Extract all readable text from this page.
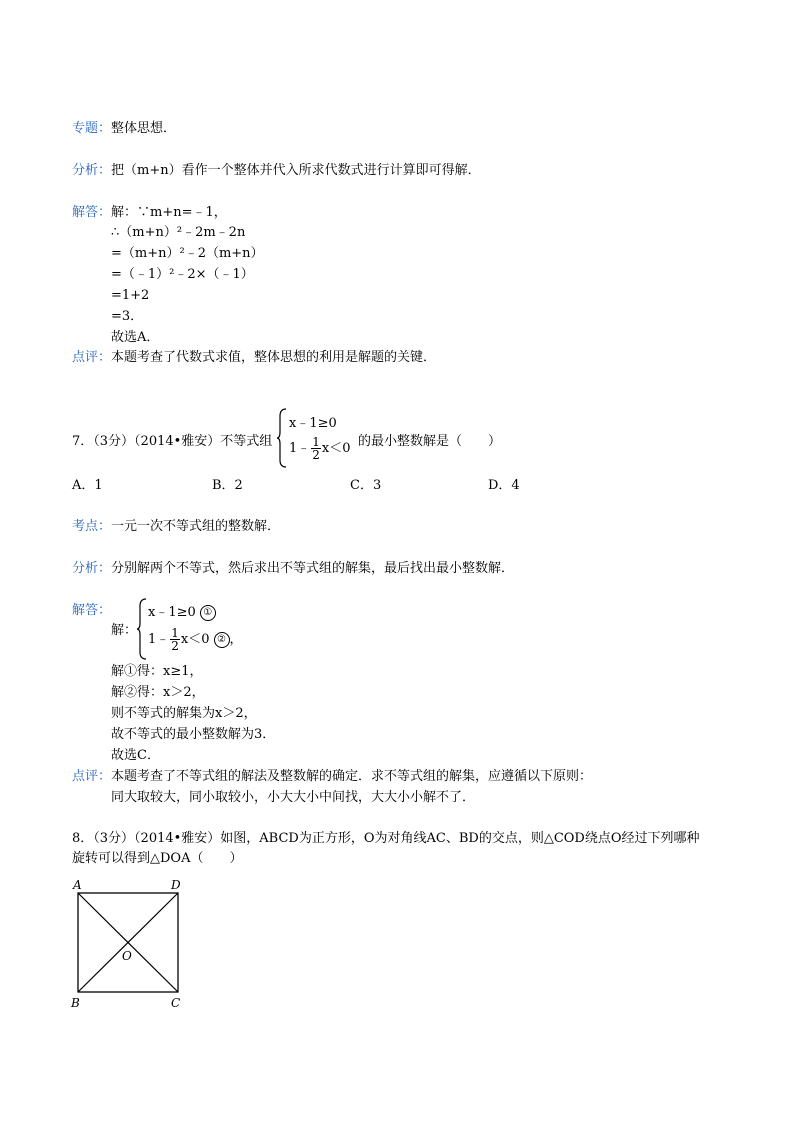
专题：整体思想．
分析：把（m+n）看作一个整体并代入所求代数式进行计算即可得解．
解答： 解：∵m+n=﹣1，
∴（m+n）²﹣2m﹣2n
=（m+n）²﹣2（m+n）
=（﹣1）²﹣2×（﹣1）
=1+2
=3．
故选A．
点评：本题考查了代数式求值，整体思想的利用是解题的关键．
7．（3分）（2014•雅安）不等式组
x﹣1≥0
1﹣ $\frac{1}{2} x<0$ 的最小整数解是（　　）
A．1	B．2	C．3	D．4
考点：一元一次不等式组的整数解．
分析：分别解两个不等式，然后求出不等式组的解集，最后找出最小整数解．
解答：
解：
x﹣1≥0 ①
1﹣ $\frac{1}{2} x<0$ ② ，
解①得：x≥1，
解②得：x＞2，
则不等式的解集为x＞2，
故不等式的最小整数解为3．
故选C．
点评：本题考查了不等式组的解法及整数解的确定．求不等式组的解集，应遵循以下原则：
同大取较大，同小取较小，小大大小中间找，大大小小解不了．
8．（3分）（2014•雅安）如图，ABCD为正方形，O为对角线AC、BD的交点，则△COD绕点O经过下列哪种
旋转可以得到△DOA（　　）
A	D
B	C
O
